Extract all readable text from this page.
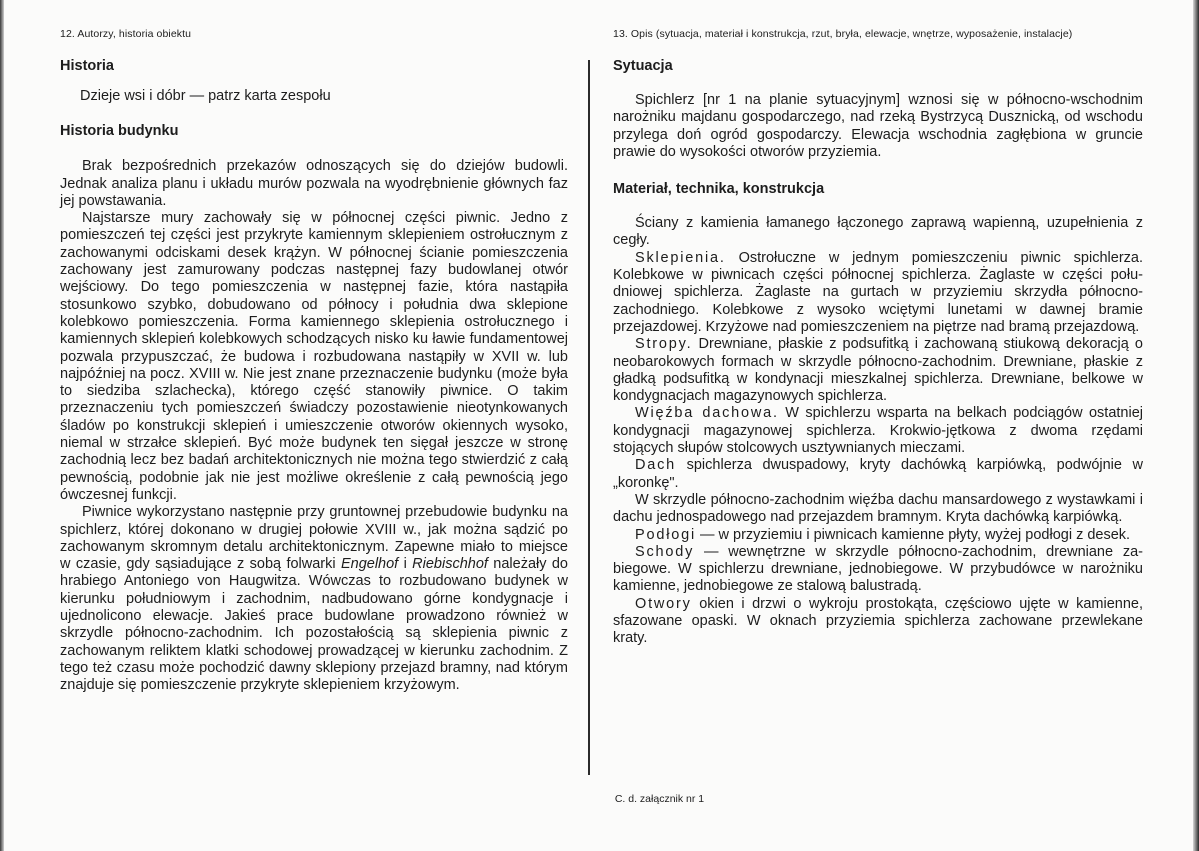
12. Autorzy, historia obiektu
Historia

Dzieje wsi i dóbr — patrz karta zespołu

Historia budynku

Brak bezpośrednich przekazów odnoszących się do dziejów budowli. Jednak analiza planu i układu murów pozwala na wyodrębnienie głównych faz jej powstawania.

Najstarsze mury zachowały się w północnej części piwnic. Jedno z pomieszczeń tej części jest przykryte kamiennym sklepieniem ostrołucznym z zachowanymi odciskami desek krążyn. W północnej ścianie pomieszczenia zachowany jest zamurowany podczas następnej fazy budowlanej otwór wejściowy. Do tego pomieszczenia w następnej fazie, która nastąpiła stosunkowo szybko, dobudowano od północy i południa dwa sklepione kolebkowo pomieszczenia. Forma kamiennego sklepienia ostrołucznego i kamiennych sklepień kolebkowych schodzących nisko ku ławie fundamentowej pozwala przypuszczać, że budowa i rozbudowana nastąpiły w XVII w. lub najpóźniej na pocz. XVIII w. Nie jest znane przeznaczenie budynku (może była to siedziba szlachecka), którego część stanowiły piwnice. O takim przeznaczeniu tych pomieszczeń świadczy pozostawienie nieotynkowanych śladów po konstrukcji sklepień i umieszczenie otworów okiennych wysoko, niemal w strzałce sklepień. Być może budynek ten sięgał jeszcze w stronę zachodnią lecz bez badań architektonicznych nie można tego stwierdzić z całą pewnością, podobnie jak nie jest możliwe określenie z całą pewnością jego ówczesnej funkcji.

Piwnice wykorzystano następnie przy gruntownej przebudowie budynku na spichlerz, której dokonano w drugiej połowie XVIII w., jak można sądzić po zachowanym skromnym detalu architektonicznym. Zapewne miało to miejsce w czasie, gdy sąsiadujące z sobą folwarki Engelhof i Riebischhof należały do hrabiego Antoniego von Haugwitza. Wówczas to rozbudowano budynek w kierunku południowym i zachodnim, nadbudowano górne kondygnacje i ujednolicono elewacje. Jakieś prace budowlane prowadzono również w skrzydle północno-zachodnim. Ich pozostałością są sklepienia piwnic z zachowanym reliktem klatki schodowej prowadzącej w kierunku zachodnim. Z tego też czasu może pochodzić dawny sklepiony przejazd bramny, nad którym znajduje się pomieszczenie przykryte sklepieniem krzyżowym.

13. Opis (sytuacja, materiał i konstrukcja, rzut, bryła, elewacje, wnętrze, wyposażenie, instalacje)
Sytuacja

Spichlerz [nr 1 na planie sytuacyjnym] wznosi się w północno-wschodnim narożniku majdanu gospodarczego, nad rzeką Bystrzycą Dusznicką, od wschodu przylega doń ogród gospodarczy. Elewacja wschodnia zagłębiona w gruncie prawie do wysokości otworów przyziemia.

Materiał, technika, konstrukcja

Ściany z kamienia łamanego łączonego zaprawą wapienną, uzupełnienia z cegły.

Sklepienia. Ostrołuczne w jednym pomieszczeniu piwnic spichlerza. Kolebkowe w piwnicach części północnej spichlerza. Żaglaste w części południowej spichlerza. Żaglaste na gurtach w przyziemiu skrzydła północnozachodniego. Kolebkowe z wysoko wciętymi lunetami w dawnej bramie przejazdowej. Krzyżowe nad pomieszczeniem na piętrze nad bramą przejazdową.

Stropy. Drewniane, płaskie z podsufitką i zachowaną stiukową dekoracją o neobarokowych formach w skrzydle północno-zachodnim. Drewniane, płaskie z gładką podsufitką w kondynacji mieszkalnej spichlerza. Drewniane, belkowe w kondygnacjach magazynowych spichlerza.

Więźba dachowa. W spichlerzu wsparta na belkach podciągów ostatniej kondygnacji magazynowej spichlerza. Krokwio-jętkowa z dwoma rzędami stojących słupów stolcowych usztywnianych mieczami.

Dach spichlerza dwuspadowy, kryty dachówką karpiówką, podwójnie w „koronkę".

W skrzydle północno-zachodnim więźba dachu mansardowego z wystawkami i dachu jednospadowego nad przejazdem bramnym. Kryta dachówką karpiówką.

Podłogi — w przyziemiu i piwnicach kamienne płyty, wyżej podłogi z desek.

Schody — wewnętrzne w skrzydle północno-zachodnim, drewniane zabiegowe. W spichlerzu drewniane, jednobiegowe. W przybudówce w narożniku kamienne, jednobiegowe ze stalową balustradą.

Otwory okien i drzwi o wykroju prostokąta, częściowo ujęte w kamienne, sfazowane opaski. W oknach przyziemia spichlerza zachowane przewlekane kraty.

C. d. załącznik nr 1
